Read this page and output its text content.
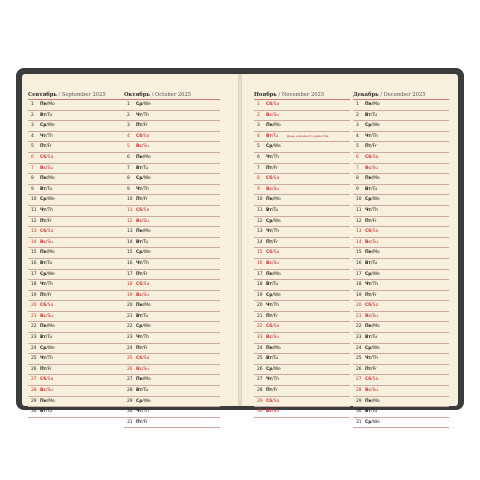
Сентябрь / September 2025
1	Пн/Mo
2	Вт/Tu
3	Ср/We
4	Чт/Th
5	Пт/Fr
6	Сб/Sa
7	Вс/Su
8	Пн/Mo
9	Вт/Tu
10 Ср/We
11 Чт/Th
12 Пт/Fr
13 Сб/Sa
14 Вс/Su
15 Пн/Mo
16 Вт/Tu
17 Ср/We
18 Чт/Th
19 Пт/Fr
20 Сб/Sa
21 Вс/Su
22 Пн/Mo
23 Вт/Tu
24 Ср/We
25 Чт/Th
26 Пт/Fr
27 Сб/Sa
28 Вс/Su
29 Пн/Mo
30 Вт/Tu
Октябрь / October 2025
1	Ср/We
2	Чт/Th
3	Пт/Fr
4	Сб/Sa
5	Вс/Su
6	Пн/Mo
7	Вт/Tu
8	Ср/We
9	Чт/Th
10 Пт/Fr
11 Сб/Sa
12 Вс/Su
13 Пн/Mo
14 Вт/Tu
15 Ср/We
16 Чт/Th
17 Пт/Fr
18 Сб/Sa
19 Вс/Su
20 Пн/Mo
21 Вт/Tu
22 Ср/We
23 Чт/Th
24 Пт/Fr
25 Сб/Sa
26 Вс/Su
27 Пн/Mo
28 Вт/Tu
29 Ср/We
30 Чт/Th
31 Пт/Fr
Ноябрь / November 2025
1	Сб/Sa
2	Вс/Su
3	Пн/Mo
4	Вт/Tu	День народного единства
5	Ср/We
6	Чт/Th
7	Пт/Fr
8	Сб/Sa
9	Вс/Su
10 Пн/Mo
11 Вт/Tu
12 Ср/We
13 Чт/Th
14 Пт/Fr
15 Сб/Sa
16 Вс/Su
17 Пн/Mo
18 Вт/Tu
19 Ср/We
20 Чт/Th
21 Пт/Fr
22 Сб/Sa
23 Вс/Su
24 Пн/Mo
25 Вт/Tu
26 Ср/We
27 Чт/Th
28 Пт/Fr
29 Сб/Sa
30 Вс/Su
Декабрь / December 2025
1	Пн/Mo
2	Вт/Tu
3	Ср/We
4	Чт/Th
5	Пт/Fr
6	Сб/Sa
7	Вс/Su
8	Пн/Mo
9	Вт/Tu
10 Ср/We
11 Чт/Th
12 Пт/Fr
13 Сб/Sa
14 Вс/Su
15 Пн/Mo
16 Вт/Tu
17 Ср/We
18 Чт/Th
19 Пт/Fr
20 Сб/Sa
21 Вс/Su
22 Пн/Mo
23 Вт/Tu
24 Ср/We
25 Чт/Th
26 Пт/Fr
27 Сб/Sa
28 Вс/Su
29 Пн/Mo
30 Вт/Tu
31 Ср/We
